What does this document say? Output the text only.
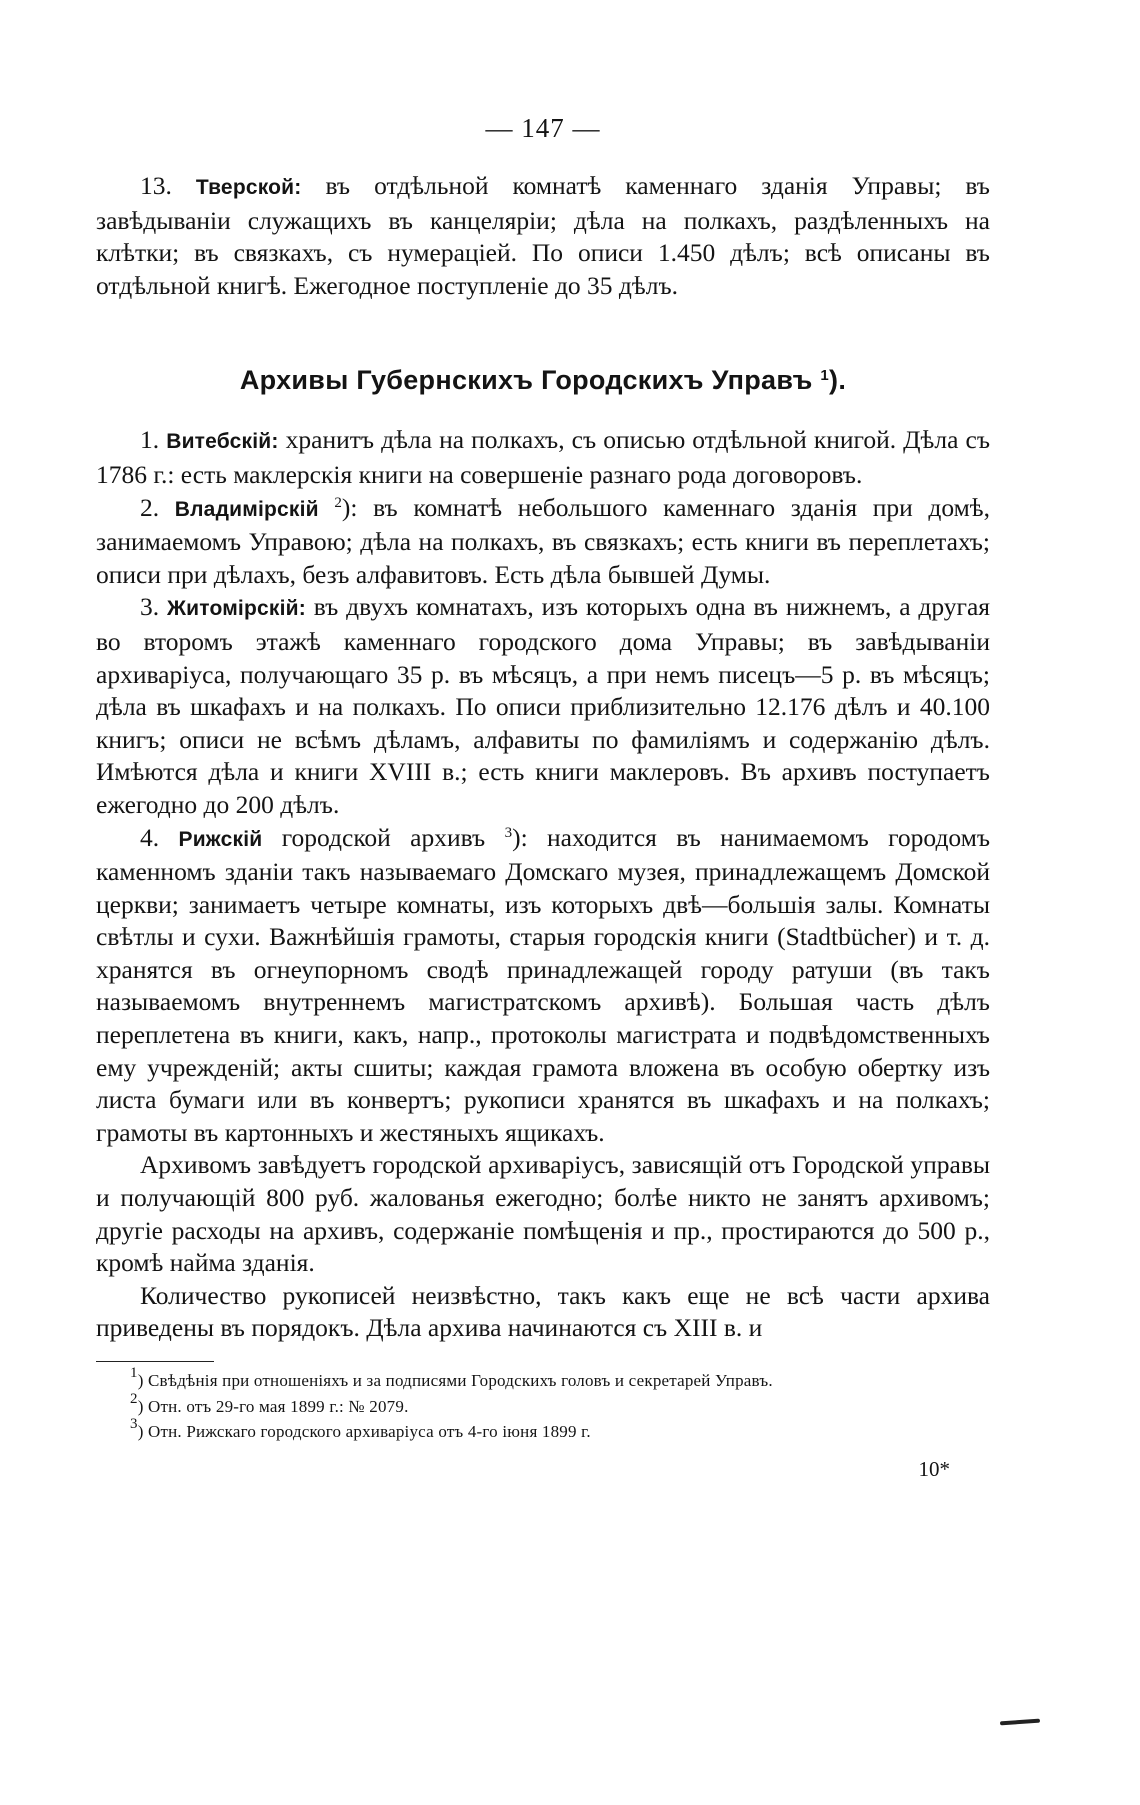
— 147 —

13. Тверской: въ отдѣльной комнатѣ каменнаго зданія Управы; въ завѣдываніи служащихъ въ канцеляріи; дѣла на полкахъ, раздѣленныхъ на клѣтки; въ связкахъ, съ нумераціей. По описи 1.450 дѣлъ; всѣ описаны въ отдѣльной книгѣ. Ежегодное поступленіе до 35 дѣлъ.

Архивы Губернскихъ Городскихъ Управъ $^1$).

1. Витебскій: хранитъ дѣла на полкахъ, съ описью отдѣльной книгой. Дѣла съ 1786 г.: есть маклерскія книги на совершеніе разнаго рода договоровъ.

2. Владимірскій $^2$): въ комнатѣ небольшого каменнаго зданія при домѣ, занимаемомъ Управою; дѣла на полкахъ, въ связкахъ; есть книги въ переплетахъ; описи при дѣлахъ, безъ алфавитовъ. Есть дѣла бывшей Думы.

3. Житомірскій: въ двухъ комнатахъ, изъ которыхъ одна въ нижнемъ, а другая во второмъ этажѣ каменнаго городского дома Управы; въ завѣдываніи архиваріуса, получающаго 35 р. въ мѣсяцъ, а при немъ писецъ—5 р. въ мѣсяцъ; дѣла въ шкафахъ и на полкахъ. По описи приблизительно 12.176 дѣлъ и 40.100 книгъ; описи не всѣмъ дѣламъ, алфавиты по фамиліямъ и содержанію дѣлъ. Имѣются дѣла и книги XVIII в.; есть книги маклеровъ. Въ архивъ поступаетъ ежегодно до 200 дѣлъ.

4. Рижскій городской архивъ $^3$): находится въ нанимаемомъ городомъ каменномъ зданіи такъ называемаго Домскаго музея, принадлежащемъ Домской церкви; занимаетъ четыре комнаты, изъ которыхъ двѣ—большія залы. Комнаты свѣтлы и сухи. Важнѣйшія грамоты, старыя городскія книги (Stadtbücher) и т. д. хранятся въ огнеупорномъ сводѣ принадлежащей городу ратуши (въ такъ называемомъ внутреннемъ магистратскомъ архивѣ). Большая часть дѣлъ переплетена въ книги, какъ, напр., протоколы магистрата и подвѣдомственныхъ ему учрежденій; акты сшиты; каждая грамота вложена въ особую обертку изъ листа бумаги или въ конвертъ; рукописи хранятся въ шкафахъ и на полкахъ; грамоты въ картонныхъ и жестяныхъ ящикахъ.

Архивомъ завѣдуетъ городской архиваріусъ, зависящій отъ Городской управы и получающій 800 руб. жалованья ежегодно; болѣе никто не занятъ архивомъ; другіе расходы на архивъ, содержаніе помѣщенія и пр., простираются до 500 р., кромѣ найма зданія.

Количество рукописей неизвѣстно, такъ какъ еще не всѣ части архива приведены въ порядокъ. Дѣла архива начинаются съ XIII в. и

$^1$) Свѣдѣнія при отношеніяхъ и за подписями Городскихъ головъ и секретарей Управъ.

$^2$) Отн. отъ 29-го мая 1899 г.: № 2079.

$^3$) Отн. Рижскаго городского архиваріуса отъ 4-го іюня 1899 г.

10*
